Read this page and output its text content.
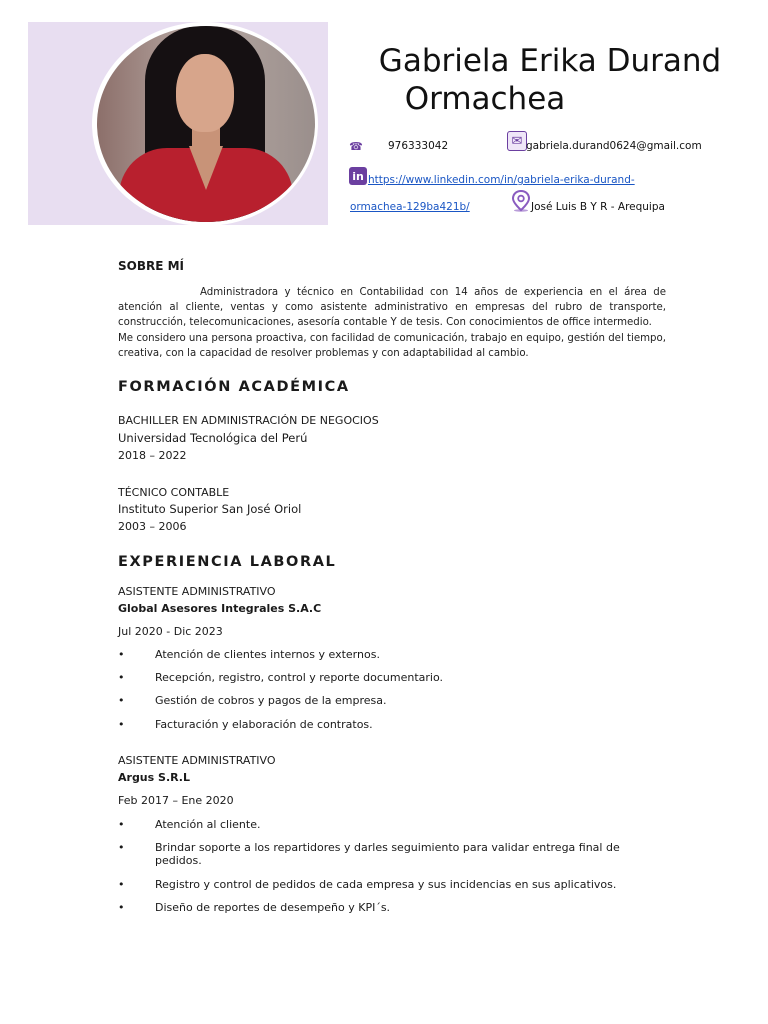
Gabriela Erika Durand
Ormachea
☎ 976333042	✉ gabriela.durand0624@gmail.com
in https://www.linkedin.com/in/gabriela-erika-durand-
ormachea-129ba421b/	José Luis B Y R - Arequipa
SOBRE MÍ
Administradora y técnico en Contabilidad con 14 años de experiencia en el área de atención al cliente, ventas y como asistente administrativo en empresas del rubro de transporte, construcción, telecomunicaciones, asesoría contable Y de tesis. Con conocimientos de office intermedio.
Me considero una persona proactiva, con facilidad de comunicación, trabajo en equipo, gestión del tiempo, creativa, con la capacidad de resolver problemas y con adaptabilidad al cambio.
FORMACIÓN ACADÉMICA
BACHILLER EN ADMINISTRACIÓN DE NEGOCIOS
Universidad Tecnológica del Perú
2018 – 2022
TÉCNICO CONTABLE
Instituto Superior San José Oriol
2003 – 2006
EXPERIENCIA LABORAL
ASISTENTE ADMINISTRATIVO
Global Asesores Integrales S.A.C
Jul 2020 - Dic 2023
•	Atención de clientes internos y externos.
•	Recepción, registro, control y reporte documentario.
•	Gestión de cobros y pagos de la empresa.
•	Facturación y elaboración de contratos.
ASISTENTE ADMINISTRATIVO
Argus S.R.L
Feb 2017 – Ene 2020
•	Atención al cliente.
•	Brindar soporte a los repartidores y darles seguimiento para validar entrega final de pedidos.
•	Registro y control de pedidos de cada empresa y sus incidencias en sus aplicativos.
•	Diseño de reportes de desempeño y KPI´s.
